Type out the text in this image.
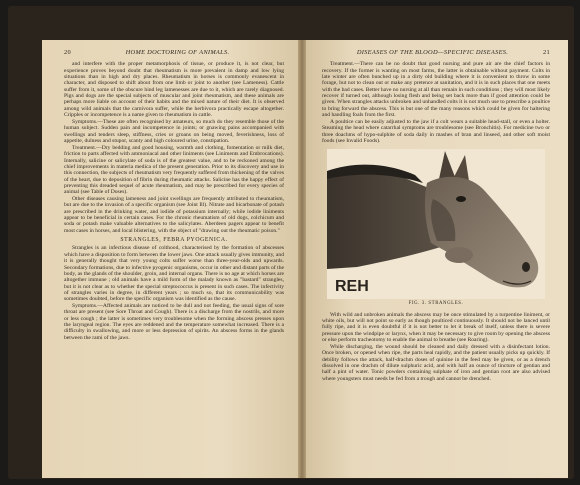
20	HOME DOCTORING OF ANIMALS.

and interfere with the proper metamorphosis of tissue, or produce it, is not clear, but experience proves beyond doubt that rheumatism is more prevalent in damp and low lying situations than in high and dry places. Rheumatism in horses is commonly evanescent in character, and disposed to shift about from one limb or joint to another (see Lameness). Cattle suffer from it, some of the obscure hind leg lamenesses are due to it, which are rarely diagnosed. Pigs and dogs are the special subjects of muscular and joint rheumatism, and these animals are perhaps more liable on account of their habits and the mixed nature of their diet. It is observed among wild animals that the carnivora suffer, while the herbivora practically escape altogether. Cripples or incompetence is a name given to rheumatism in cattle.

Symptoms.—These are often recognised by amateurs, so much do they resemble those of the human subject. Sudden pain and incompetence in joints; or gnawing pains accompanied with swellings and tenders sleep, stiffness, cries or groans on being moved, feverishness, loss of appetite, dulness and stupor, scanty and high coloured urine, constipation.

Treatment.—Dry bedding and good housing, warmth and clothing, fomentation or milk diet, friction to parts affected with ammoniacal and other liniments (see Liniments and Embrocations). Internally, salicine or salicylate of soda is of the greatest value, and to be reckoned among the chief improvements in materia medica of the present generation. Prior to its discovery and use in this connection, the subjects of rheumatism very frequently suffered from thickening of the valves of the heart, due to deposition of fibrin during rheumatic attacks. Salicine has the happy effect of preventing this dreaded sequel of acute rheumatism, and may be prescribed for every species of animal (see Table of Doses).

Other diseases causing lameness and joint swellings are frequently attributed to rheumatism, but are due to the invasion of a specific organism (see Joint Ill). Nitrate and bicarbonate of potash are prescribed in the drinking water, and iodide of potassium internally; while iodide liniments appear to be beneficial in certain cases. For the chronic rheumatism of old dogs, colchicum and soda or potash make valuable alternatives to the salicylates. Aberdeen pagers appear to benefit most cases in horses, and local blistering, with the object of "drawing out the rheumatic poison."

STRANGLES, FEBRA PYOGENICA.

Strangles is an infectious disease of colthood, characterised by the formation of abscesses which have a disposition to form between the lower jaws. One attack usually gives immunity, and it is generally thought that very young colts suffer worse than three-year-olds and upwards. Secondary formations, due to infective pyogenic organisms, occur in other and distant parts of the body, as the glands of the shoulder, groin, and internal organs. There is no age at which horses are altogether immune ; old animals have a mild form of the malady known as "bastard" strangles, but it is not clear as to whether the special streptococcus is present in such cases. The infectivity of strangles varies in degree, in different years ; so much so, that its communicability was sometimes doubted, before the specific organism was identified as the cause.

Symptoms.—Affected animals are noticed to be dull and not feeding, the usual signs of sore throat are present (see Sore Throat and Cough). There is a discharge from the nostrils, and more or less cough ; the latter is sometimes very troublesome when the forming abscess presses upon the laryngeal region. The eyes are reddened and the temperature somewhat increased. There is a difficulty in swallowing, and more or less depression of spirits. An abscess forms in the glands between the rami of the jaws.

DISEASES OF THE BLOOD—SPECIFIC DISEASES.	21

Treatment.—There can be no doubt that good nursing and pure air are the chief factors in recovery. If the former is wanting on most farms, the latter is obtainable without payment. Colts in late winter are often bunched up in a dirty old building where it is convenient to throw in some forage, but not to clean out or make any pretence at sanitation, and it is in such places that one meets with the bad cases. Better have no nursing at all than remain in such conditions ; they will most likely recover if turned out, although losing flesh and being set back more than if good attention could be given. When strangles attacks unbroken and unhandled colts it is not much use to prescribe a poultice to bring forward the abscess. This is but one of the many reasons which could be given for haltering and handling foals from the first.

A poultice can be easily adjusted to the jaw if a colt wears a suitable head-stall, or even a holter. Steaming the head where catarrhal symptoms are troublesome (see Bronchitis). For medicine two or three doachms of hypo-sulphite of soda daily in mashes of bran and linseed, and other soft moist foods (see Invalid Foods).

REH
FIG. 3. STRANGLES.

With wild and unbroken animals the abscess may be once stimulated by a turpentine liniment, or white oils, but will not point so early as though poulticed continuously. It should not be lanced until fully ripe, and it is even doubtful if it is not better to let it break of itself, unless there is severe pressure upon the windpipe or larynx, when it may be necessary to give room by opening the abscess or else perform tracheotomy to enable the animal to breathe (see Roaring).

While discharging, the wound should be cleaned and daily dressed with a disinfectant lotion. Once broken, or opened when ripe, the parts heal rapidly, and the patient usually picks up quickly. If debility follows the attack, half-drachm doses of quinine in the feed may be given, or as a drench dissolved in one drachm of dilute sulphuric acid, and with half an ounce of tincture of gentian and half a pint of water. Tonic powders containing sulphate of iron and gentian root are also advised where youngsters must needs be fed from a trough and cannot be drenched.
